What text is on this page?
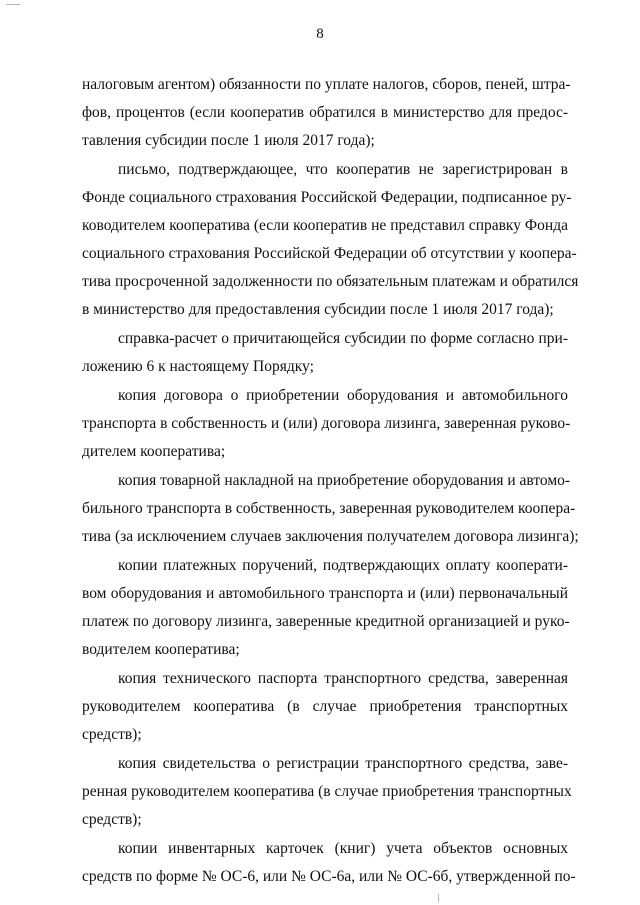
8
налоговым агентом) обязанности по уплате налогов, сборов, пеней, штра-
фов, процентов (если кооператив обратился в министерство для предос-
тавления субсидии после 1 июля 2017 года);
письмо, подтверждающее, что кооператив не зарегистрирован в
Фонде социального страхования Российской Федерации, подписанное ру-
ководителем кооператива (если кооператив не представил справку Фонда
социального страхования Российской Федерации об отсутствии у коопера-
тива просроченной задолженности по обязательным платежам и обратился
в министерство для предоставления субсидии после 1 июля 2017 года);
справка-расчет о причитающейся субсидии по форме согласно при-
ложению 6 к настоящему Порядку;
копия договора о приобретении оборудования и автомобильного
транспорта в собственность и (или) договора лизинга, заверенная руково-
дителем кооператива;
копия товарной накладной на приобретение оборудования и автомо-
бильного транспорта в собственность, заверенная руководителем коопера-
тива (за исключением случаев заключения получателем договора лизинга);
копии платежных поручений, подтверждающих оплату кооперати-
вом оборудования и автомобильного транспорта и (или) первоначальный
платеж по договору лизинга, заверенные кредитной организацией и руко-
водителем кооператива;
копия технического паспорта транспортного средства, заверенная
руководителем кооператива (в случае приобретения транспортных
средств);
копия свидетельства о регистрации транспортного средства, заве-
ренная руководителем кооператива (в случае приобретения транспортных
средств);
копии инвентарных карточек (книг) учета объектов основных
средств по форме № ОС-6, или № ОС-6а, или № ОС-6б, утвержденной по-
